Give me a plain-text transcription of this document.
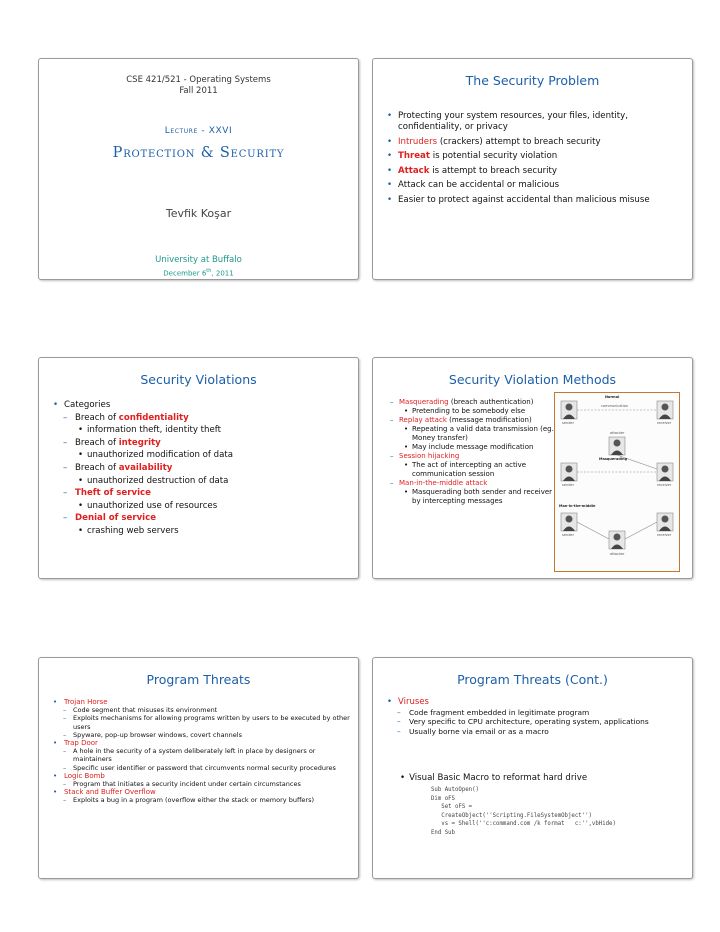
CSE 421/521 - Operating Systems
Fall 2011
Lecture - XXVI
Protection & Security
Tevfik Koşar
University at Buffalo
December 6th, 2011
The Security Problem
• Protecting your system resources, your files, identity, confidentiality, or privacy
• Intruders (crackers) attempt to breach security
• Threat is potential security violation
• Attack is attempt to breach security
• Attack can be accidental or malicious
• Easier to protect against accidental than malicious misuse
Security Violations
• Categories
– Breach of confidentiality
• information theft, identity theft
– Breach of integrity
• unauthorized modification of data
– Breach of availability
• unauthorized destruction of data
– Theft of service
• unauthorized use of resources
– Denial of service
• crashing web servers
Security Violation Methods
– Masquerading (breach authentication)
• Pretending to be somebody else
– Replay attack (message modification)
• Repeating a valid data transmission (eg. Money transfer)
• May include message modification
– Session hijacking
• The act of intercepting an active communication session
– Man-in-the-middle attack
• Masquerading both sender and receiver by intercepting messages
Normal
communication
sender	receiver
attacker
Masquerading
sender	receiver
Man-in-the-middle
sender	receiver
attacker
Program Threats
• Trojan Horse
– Code segment that misuses its environment
– Exploits mechanisms for allowing programs written by users to be executed by other users
– Spyware, pop-up browser windows, covert channels
• Trap Door
– A hole in the security of a system deliberately left in place by designers or maintainers
– Specific user identifier or password that circumvents normal security procedures
• Logic Bomb
– Program that initiates a security incident under certain circumstances
• Stack and Buffer Overflow
– Exploits a bug in a program (overflow either the stack or memory buffers)
Program Threats (Cont.)
• Viruses
– Code fragment embedded in legitimate program
– Very specific to CPU architecture, operating system, applications
– Usually borne via email or as a macro
• Visual Basic Macro to reformat hard drive
Sub AutoOpen()
Dim oFS
Set oFS =
CreateObject(''Scripting.FileSystemObject'')
vs = Shell(''c:command.com /k format   c:'',vbHide)
End Sub
